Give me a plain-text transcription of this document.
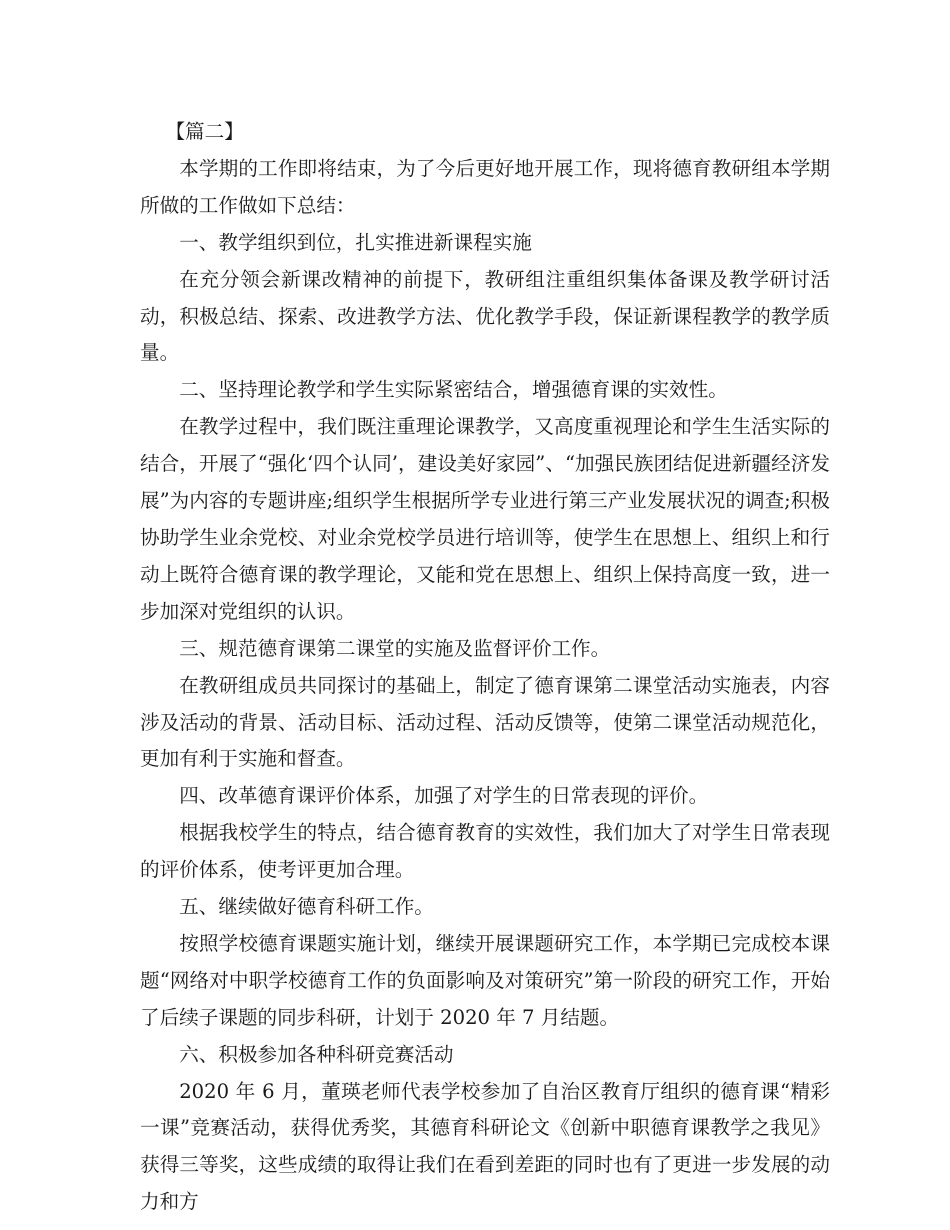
【篇二】

本学期的工作即将结束，为了今后更好地开展工作，现将德育教研组本学期所做的工作做如下总结：

一、教学组织到位，扎实推进新课程实施

在充分领会新课改精神的前提下，教研组注重组织集体备课及教学研讨活动，积极总结、探索、改进教学方法、优化教学手段，保证新课程教学的教学质量。

二、坚持理论教学和学生实际紧密结合，增强德育课的实效性。

在教学过程中，我们既注重理论课教学，又高度重视理论和学生生活实际的结合，开展了“强化‘四个认同’，建设美好家园”、“加强民族团结促进新疆经济发展”为内容的专题讲座;组织学生根据所学专业进行第三产业发展状况的调查;积极协助学生业余党校、对业余党校学员进行培训等，使学生在思想上、组织上和行动上既符合德育课的教学理论，又能和党在思想上、组织上保持高度一致，进一步加深对党组织的认识。

三、规范德育课第二课堂的实施及监督评价工作。

在教研组成员共同探讨的基础上，制定了德育课第二课堂活动实施表，内容涉及活动的背景、活动目标、活动过程、活动反馈等，使第二课堂活动规范化，更加有利于实施和督查。

四、改革德育课评价体系，加强了对学生的日常表现的评价。

根据我校学生的特点，结合德育教育的实效性，我们加大了对学生日常表现的评价体系，使考评更加合理。

五、继续做好德育科研工作。

按照学校德育课题实施计划，继续开展课题研究工作，本学期已完成校本课题“网络对中职学校德育工作的负面影响及对策研究”第一阶段的研究工作，开始了后续子课题的同步科研，计划于 2020 年 7 月结题。

六、积极参加各种科研竞赛活动

2020 年 6 月，董瑛老师代表学校参加了自治区教育厅组织的德育课“精彩一课”竞赛活动，获得优秀奖，其德育科研论文《创新中职德育课教学之我见》获得三等奖，这些成绩的取得让我们在看到差距的同时也有了更进一步发展的动力和方
